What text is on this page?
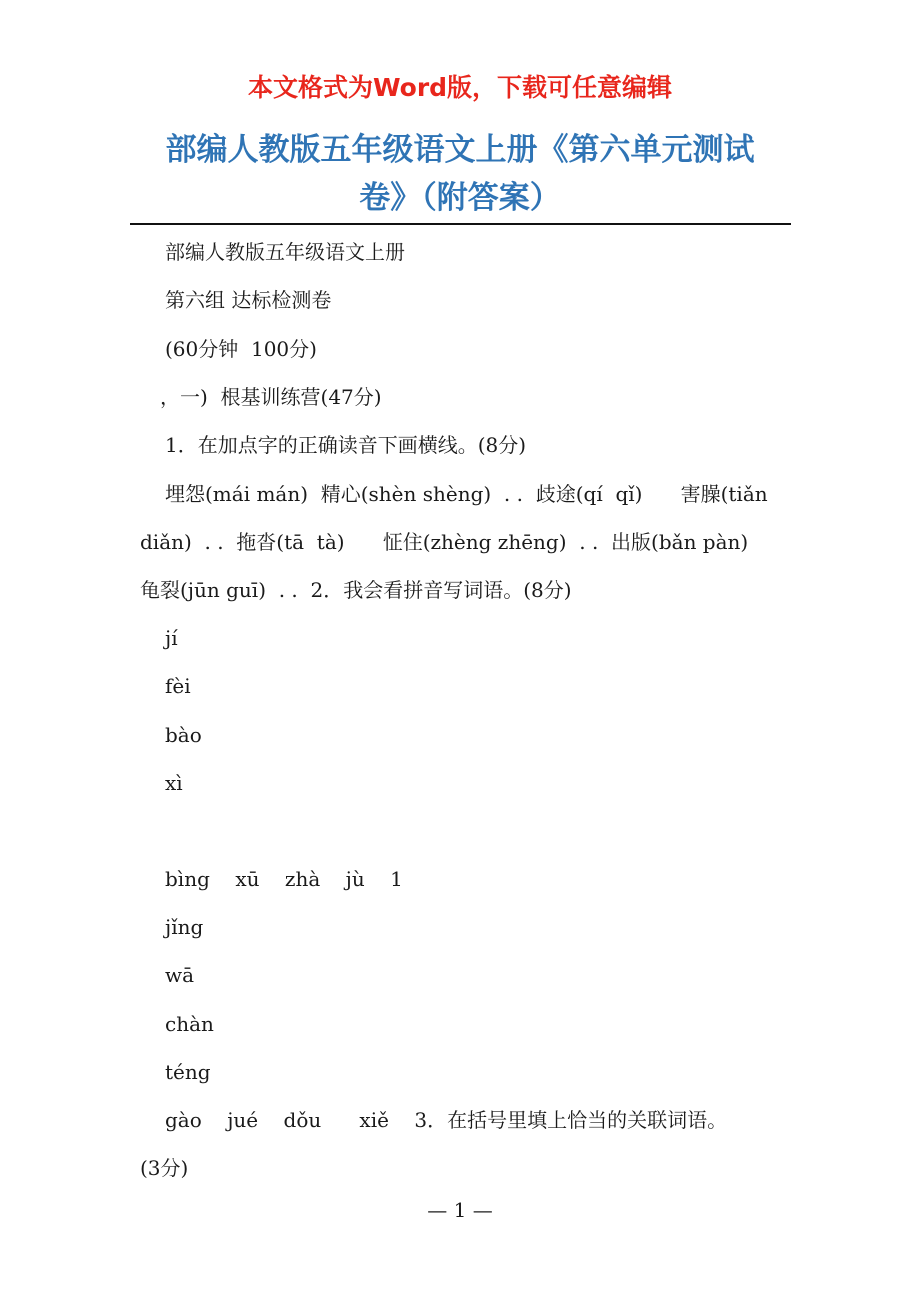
本文格式为Word版，下载可任意编辑
部编人教版五年级语文上册《第六单元测试
卷》（附答案）
部编人教版五年级语文上册
第六组 达标检测卷
(60分钟  100分)
，一)  根基训练营(47分)
1．在加点字的正确读音下画横线。(8分)
埋怨(mái mán)  精心(shèn shèng)  . .  歧途(qí  qǐ)      害臊(tiǎn
diǎn)  . .  拖沓(tā  tà)      怔住(zhèng zhēng)  . .  出版(bǎn pàn)
龟裂(jūn guī)  . .  2．我会看拼音写词语。(8分)
jí
fèi
bào
xì
bìng    xū    zhà    jù    1
jǐng
wā
chàn
téng
gào    jué    dǒu      xiě    3．在括号里填上恰当的关联词语。
(3分)
— 1 —
